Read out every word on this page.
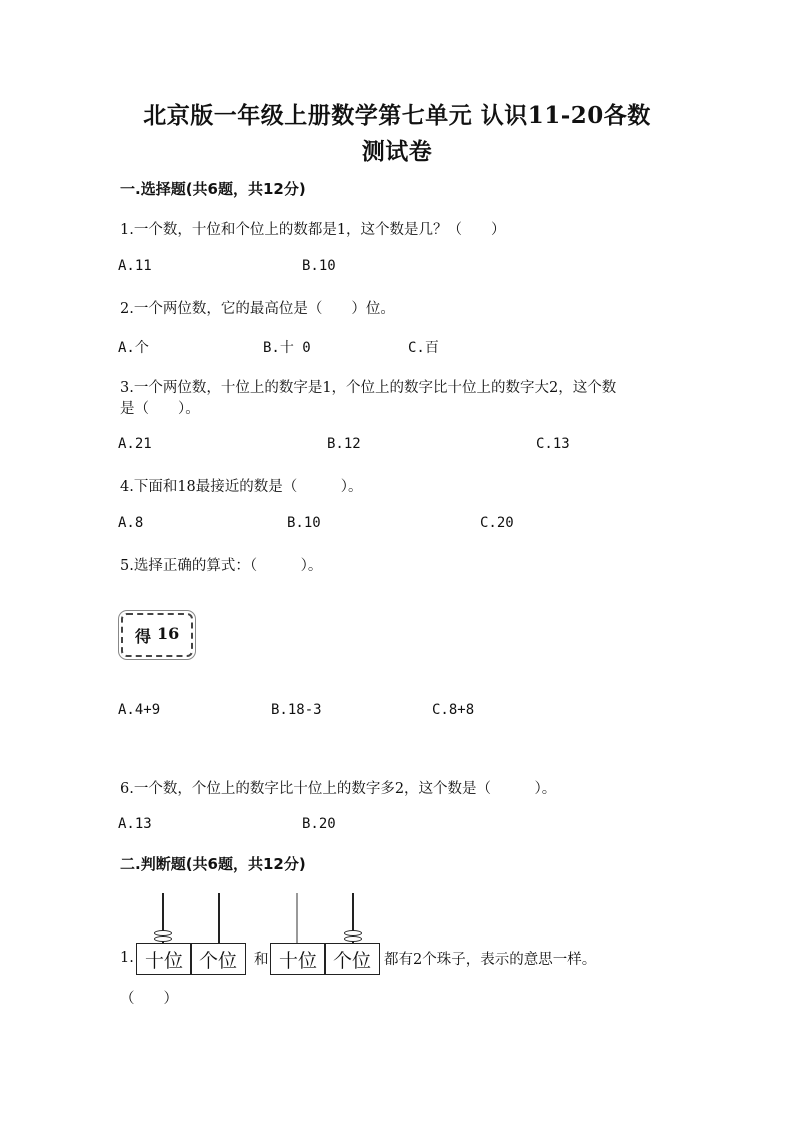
北京版一年级上册数学第七单元 认识11-20各数
测试卷
一.选择题(共6题，共12分)
1.一个数，十位和个位上的数都是1，这个数是几？（　　）
A.11	B.10
2.一个两位数，它的最高位是（　　）位。
A.个	B.十 0	C.百
3.一个两位数，十位上的数字是1，个位上的数字比十位上的数字大2，这个数
是（　　）。
A.21	B.12	C.13
4.下面和18最接近的数是（　　　）。
A.8	B.10	C.20
5.选择正确的算式：（　　　）。
得 16
A.4+9	B.18-3	C.8+8
6.一个数，个位上的数字比十位上的数字多2，这个数是（　　　）。
A.13	B.20
二.判断题(共6题，共12分)
1. 十位 个位	和 十位 个位 都有2个珠子，表示的意思一样。
（　　）
